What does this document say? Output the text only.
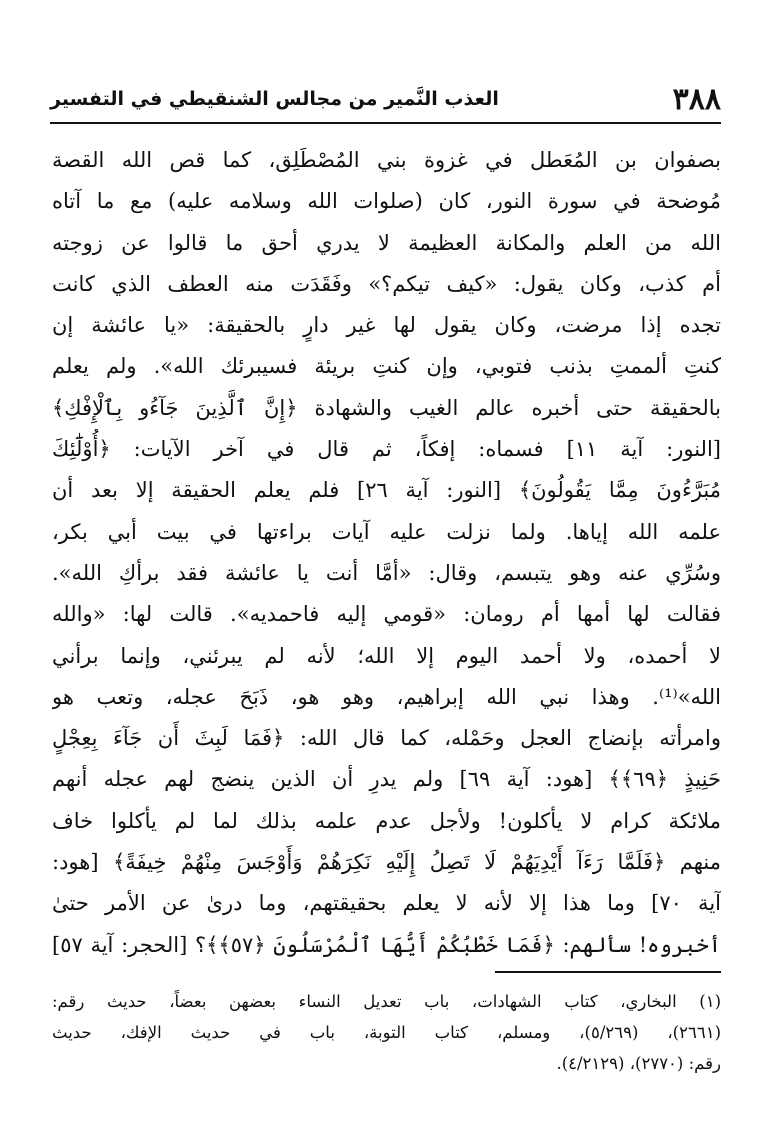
٣٨٨
العذب النَّمير من مجالس الشنقيطي في التفسير
بصفوان بن المُعَطل في غزوة بني المُصْطَلِق، كما قص الله القصة
مُوضحة في سورة النور، كان (صلوات الله وسلامه عليه) مع ما آتاه
الله من العلم والمكانة العظيمة لا يدري أحق ما قالوا عن زوجته
أم كذب، وكان يقول: «كيف تيكم؟» وفَقَدَت منه العطف الذي كانت
تجده إذا مرضت، وكان يقول لها غير دارٍ بالحقيقة: «يا عائشة إن
كنتِ ألممتِ بذنب فتوبي، وإن كنتِ بريئة فسيبرئك الله». ولم يعلم
بالحقيقة حتى أخبره عالم الغيب والشهادة ﴿إِنَّ ٱلَّذِينَ جَآءُو بِٱلْإِفْكِ﴾
[النور: آية ١١] فسماه: إفكاً، ثم قال في آخر الآيات: ﴿أُوْلَٰٓئِكَ
مُبَرَّءُونَ مِمَّا يَقُولُونَ﴾ [النور: آية ٢٦] فلم يعلم الحقيقة إلا بعد أن
علمه الله إياها. ولما نزلت عليه آيات براءتها في بيت أبي بكر،
وسُرِّي عنه وهو يتبسم، وقال: «أمَّا أنت يا عائشة فقد برأكِ الله».
فقالت لها أمها أم رومان: «قومي إليه فاحمديه». قالت لها: «والله
لا أحمده، ولا أحمد اليوم إلا الله؛ لأنه لم يبرئني، وإنما برأني
الله»⁽¹⁾. وهذا نبي الله إبراهيم، وهو هو، ذَبَحَ عجله، وتعب هو
وامرأته بإنضاج العجل وحَمْله، كما قال الله: ﴿فَمَا لَبِثَ أَن جَآءَ بِعِجْلٍ
حَنِيذٍ ﴿٦٩﴾﴾ [هود: آية ٦٩] ولم يدرِ أن الذين ينضج لهم عجله أنهم
ملائكة كرام لا يأكلون! ولأجل عدم علمه بذلك لما لم يأكلوا خاف
منهم ﴿فَلَمَّا رَءَآ أَيْدِيَهُمْ لَا تَصِلُ إِلَيْهِ نَكِرَهُمْ وَأَوْجَسَ مِنْهُمْ خِيفَةً﴾ [هود:
آية ٧٠] وما هذا إلا لأنه لا يعلم بحقيقتهم، وما درىٰ عن الأمر حتىٰ
أخبروه! سألهم: ﴿فَمَا خَطْبُكُمْ أَيُّهَا ٱلْمُرْسَلُونَ ﴿٥٧﴾﴾؟ [الحجر: آية ٥٧]
(١) البخاري، كتاب الشهادات، باب تعديل النساء بعضهن بعضاً، حديث رقم:
(٢٦٦١)، (٥/٢٦٩)، ومسلم، كتاب التوبة، باب في حديث الإفك، حديث
رقم: (٢٧٧٠)، (٤/٢١٢٩).
